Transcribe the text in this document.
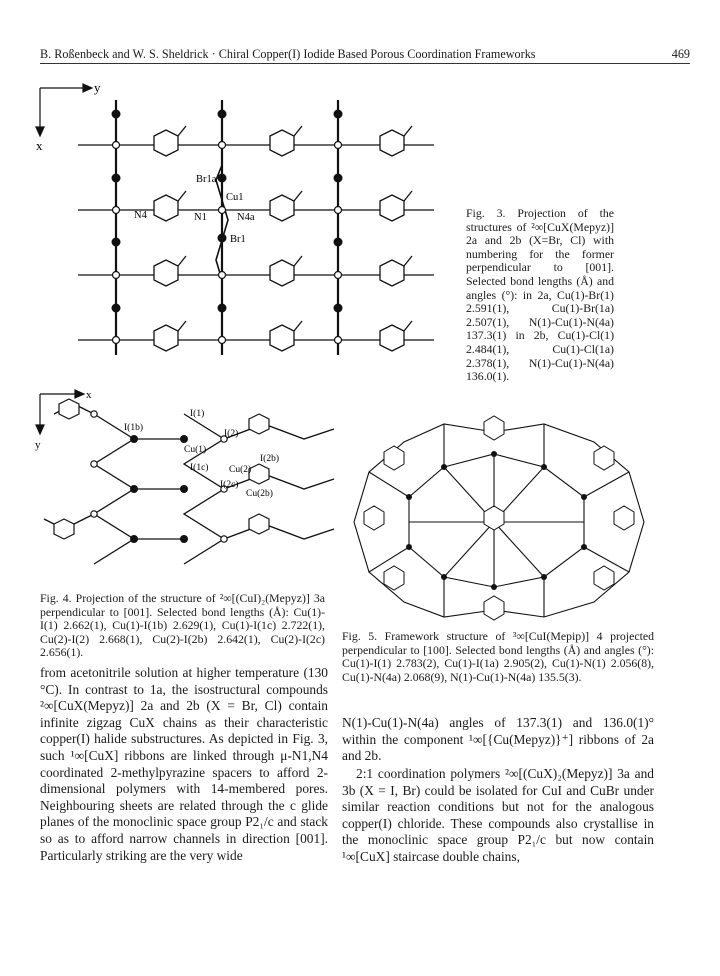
B. Roßenbeck and W. S. Sheldrick · Chiral Copper(I) Iodide Based Porous Coordination Frameworks	469
y
x
Br1a
Cu1
N4	N1	N4a
Br1
Fig. 3. Projection of the structures of ²∞[CuX(Mepyz)] 2a and 2b (X=Br, Cl) with numbering for the former perpendicular to [001]. Selected bond lengths (Å) and angles (°): in 2a, Cu(1)-Br(1) 2.591(1), Cu(1)-Br(1a) 2.507(1), N(1)-Cu(1)-N(4a) 137.3(1) in 2b, Cu(1)-Cl(1) 2.484(1), Cu(1)-Cl(1a) 2.378(1), N(1)-Cu(1)-N(4a) 136.0(1).
x
y
I(1)
I(1b)
I(2)
Cu(1)
I(2b)
I(1c) Cu(2)
I(2c)
Cu(2b)
Fig. 4. Projection of the structure of ²∞[(CuI)₂(Mepyz)] 3a perpendicular to [001]. Selected bond lengths (Å): Cu(1)-I(1) 2.662(1), Cu(1)-I(1b) 2.629(1), Cu(1)-I(1c) 2.722(1), Cu(2)-I(2) 2.668(1), Cu(2)-I(2b) 2.642(1), Cu(2)-I(2c) 2.656(1).
Fig. 5. Framework structure of ³∞[CuI(Mepip)] 4 projected perpendicular to [100]. Selected bond lengths (Å) and angles (°): Cu(1)-I(1) 2.783(2), Cu(1)-I(1a) 2.905(2), Cu(1)-N(1) 2.056(8), Cu(1)-N(4a) 2.068(9), N(1)-Cu(1)-N(4a) 135.5(3).
from acetonitrile solution at higher temperature (130 °C). In contrast to 1a, the isostructural compounds ²∞[CuX(Mepyz)] 2a and 2b (X = Br, Cl) contain infinite zigzag CuX chains as their characteristic copper(I) halide substructures. As depicted in Fig. 3, such ¹∞[CuX] ribbons are linked through μ-N1,N4 coordinated 2-methylpyrazine spacers to afford 2-dimensional polymers with 14-membered pores. Neighbouring sheets are related through the c glide planes of the monoclinic space group P2₁/c and stack so as to afford narrow channels in direction [001]. Particularly striking are the very wide
N(1)-Cu(1)-N(4a) angles of 137.3(1) and 136.0(1)° within the component ¹∞[{Cu(Mepyz)}⁺] ribbons of 2a and 2b.
2:1 coordination polymers ²∞[(CuX)₂(Mepyz)] 3a and 3b (X = I, Br) could be isolated for CuI and CuBr under similar reaction conditions but not for the analogous copper(I) chloride. These compounds also crystallise in the monoclinic space group P2₁/c but now contain ¹∞[CuX] staircase double chains,
